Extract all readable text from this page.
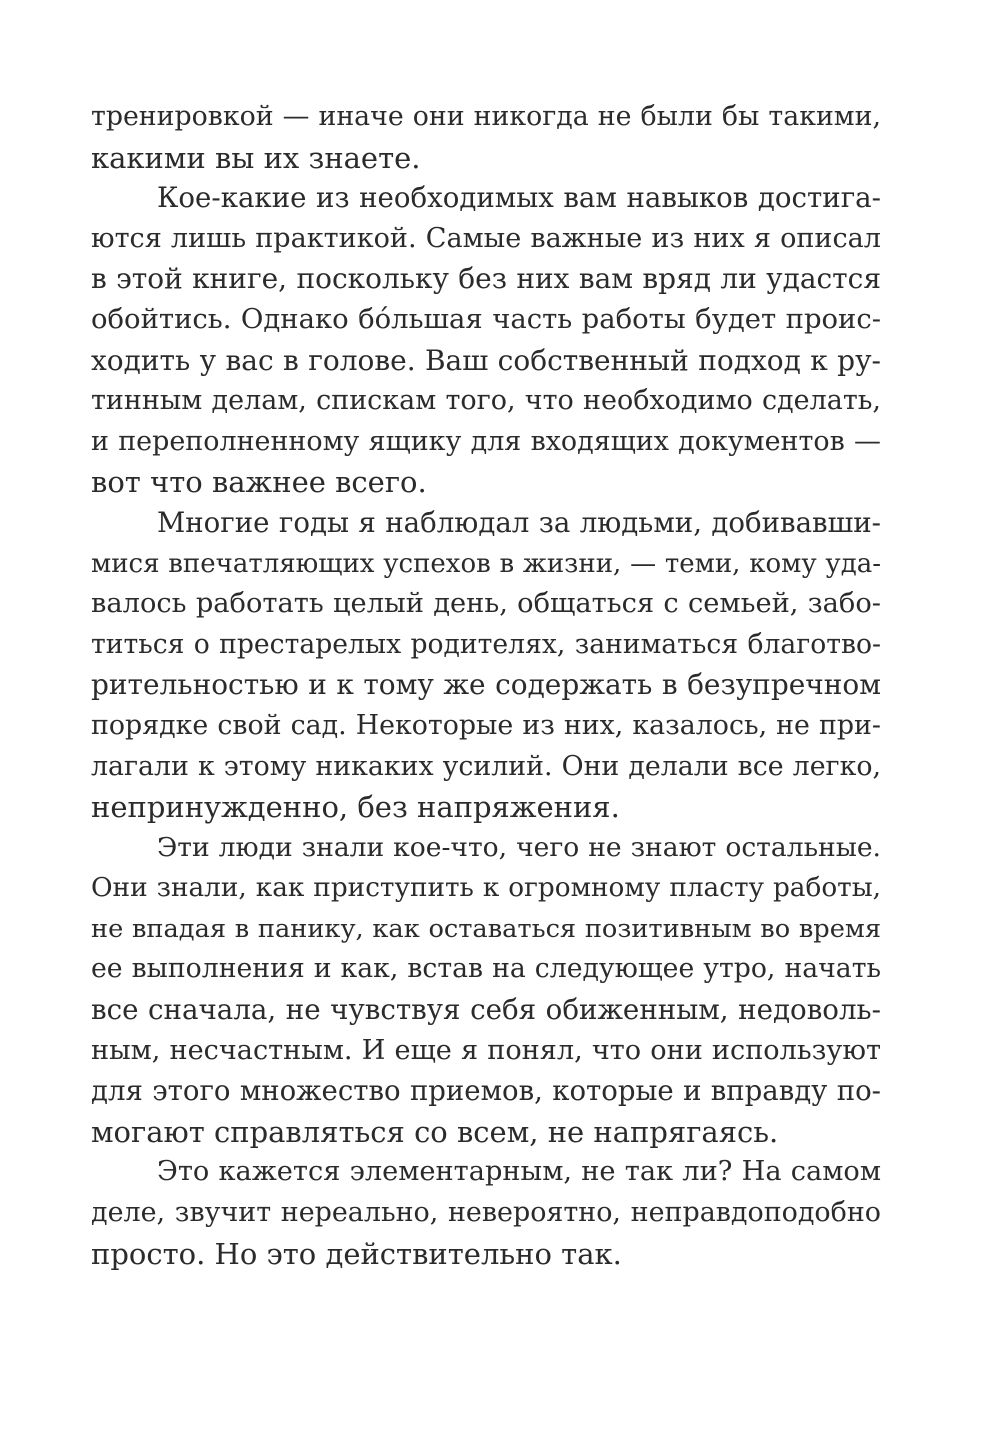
тренировкой — иначе они никогда не были бы такими,
какими вы их знаете.
Кое-какие из необходимых вам навыков достига-
ются лишь практикой. Самые важные из них я описал
в этой книге, поскольку без них вам вряд ли удастся
обойтись. Однако бóльшая часть работы будет проис-
ходить у вас в голове. Ваш собственный подход к ру-
тинным делам, спискам того, что необходимо сделать,
и переполненному ящику для входящих документов —
вот что важнее всего.
Многие годы я наблюдал за людьми, добивавши-
мися впечатляющих успехов в жизни, — теми, кому уда-
валось работать целый день, общаться с семьей, забо-
титься о престарелых родителях, заниматься благотво-
рительностью и к тому же содержать в безупречном
порядке свой сад. Некоторые из них, казалось, не при-
лагали к этому никаких усилий. Они делали все легко,
непринужденно, без напряжения.
Эти люди знали кое-что, чего не знают остальные.
Они знали, как приступить к огромному пласту работы,
не впадая в панику, как оставаться позитивным во время
ее выполнения и как, встав на следующее утро, начать
все сначала, не чувствуя себя обиженным, недоволь-
ным, несчастным. И еще я понял, что они используют
для этого множество приемов, которые и вправду по-
могают справляться со всем, не напрягаясь.
Это кажется элементарным, не так ли? На самом
деле, звучит нереально, невероятно, неправдоподобно
просто. Но это действительно так.
